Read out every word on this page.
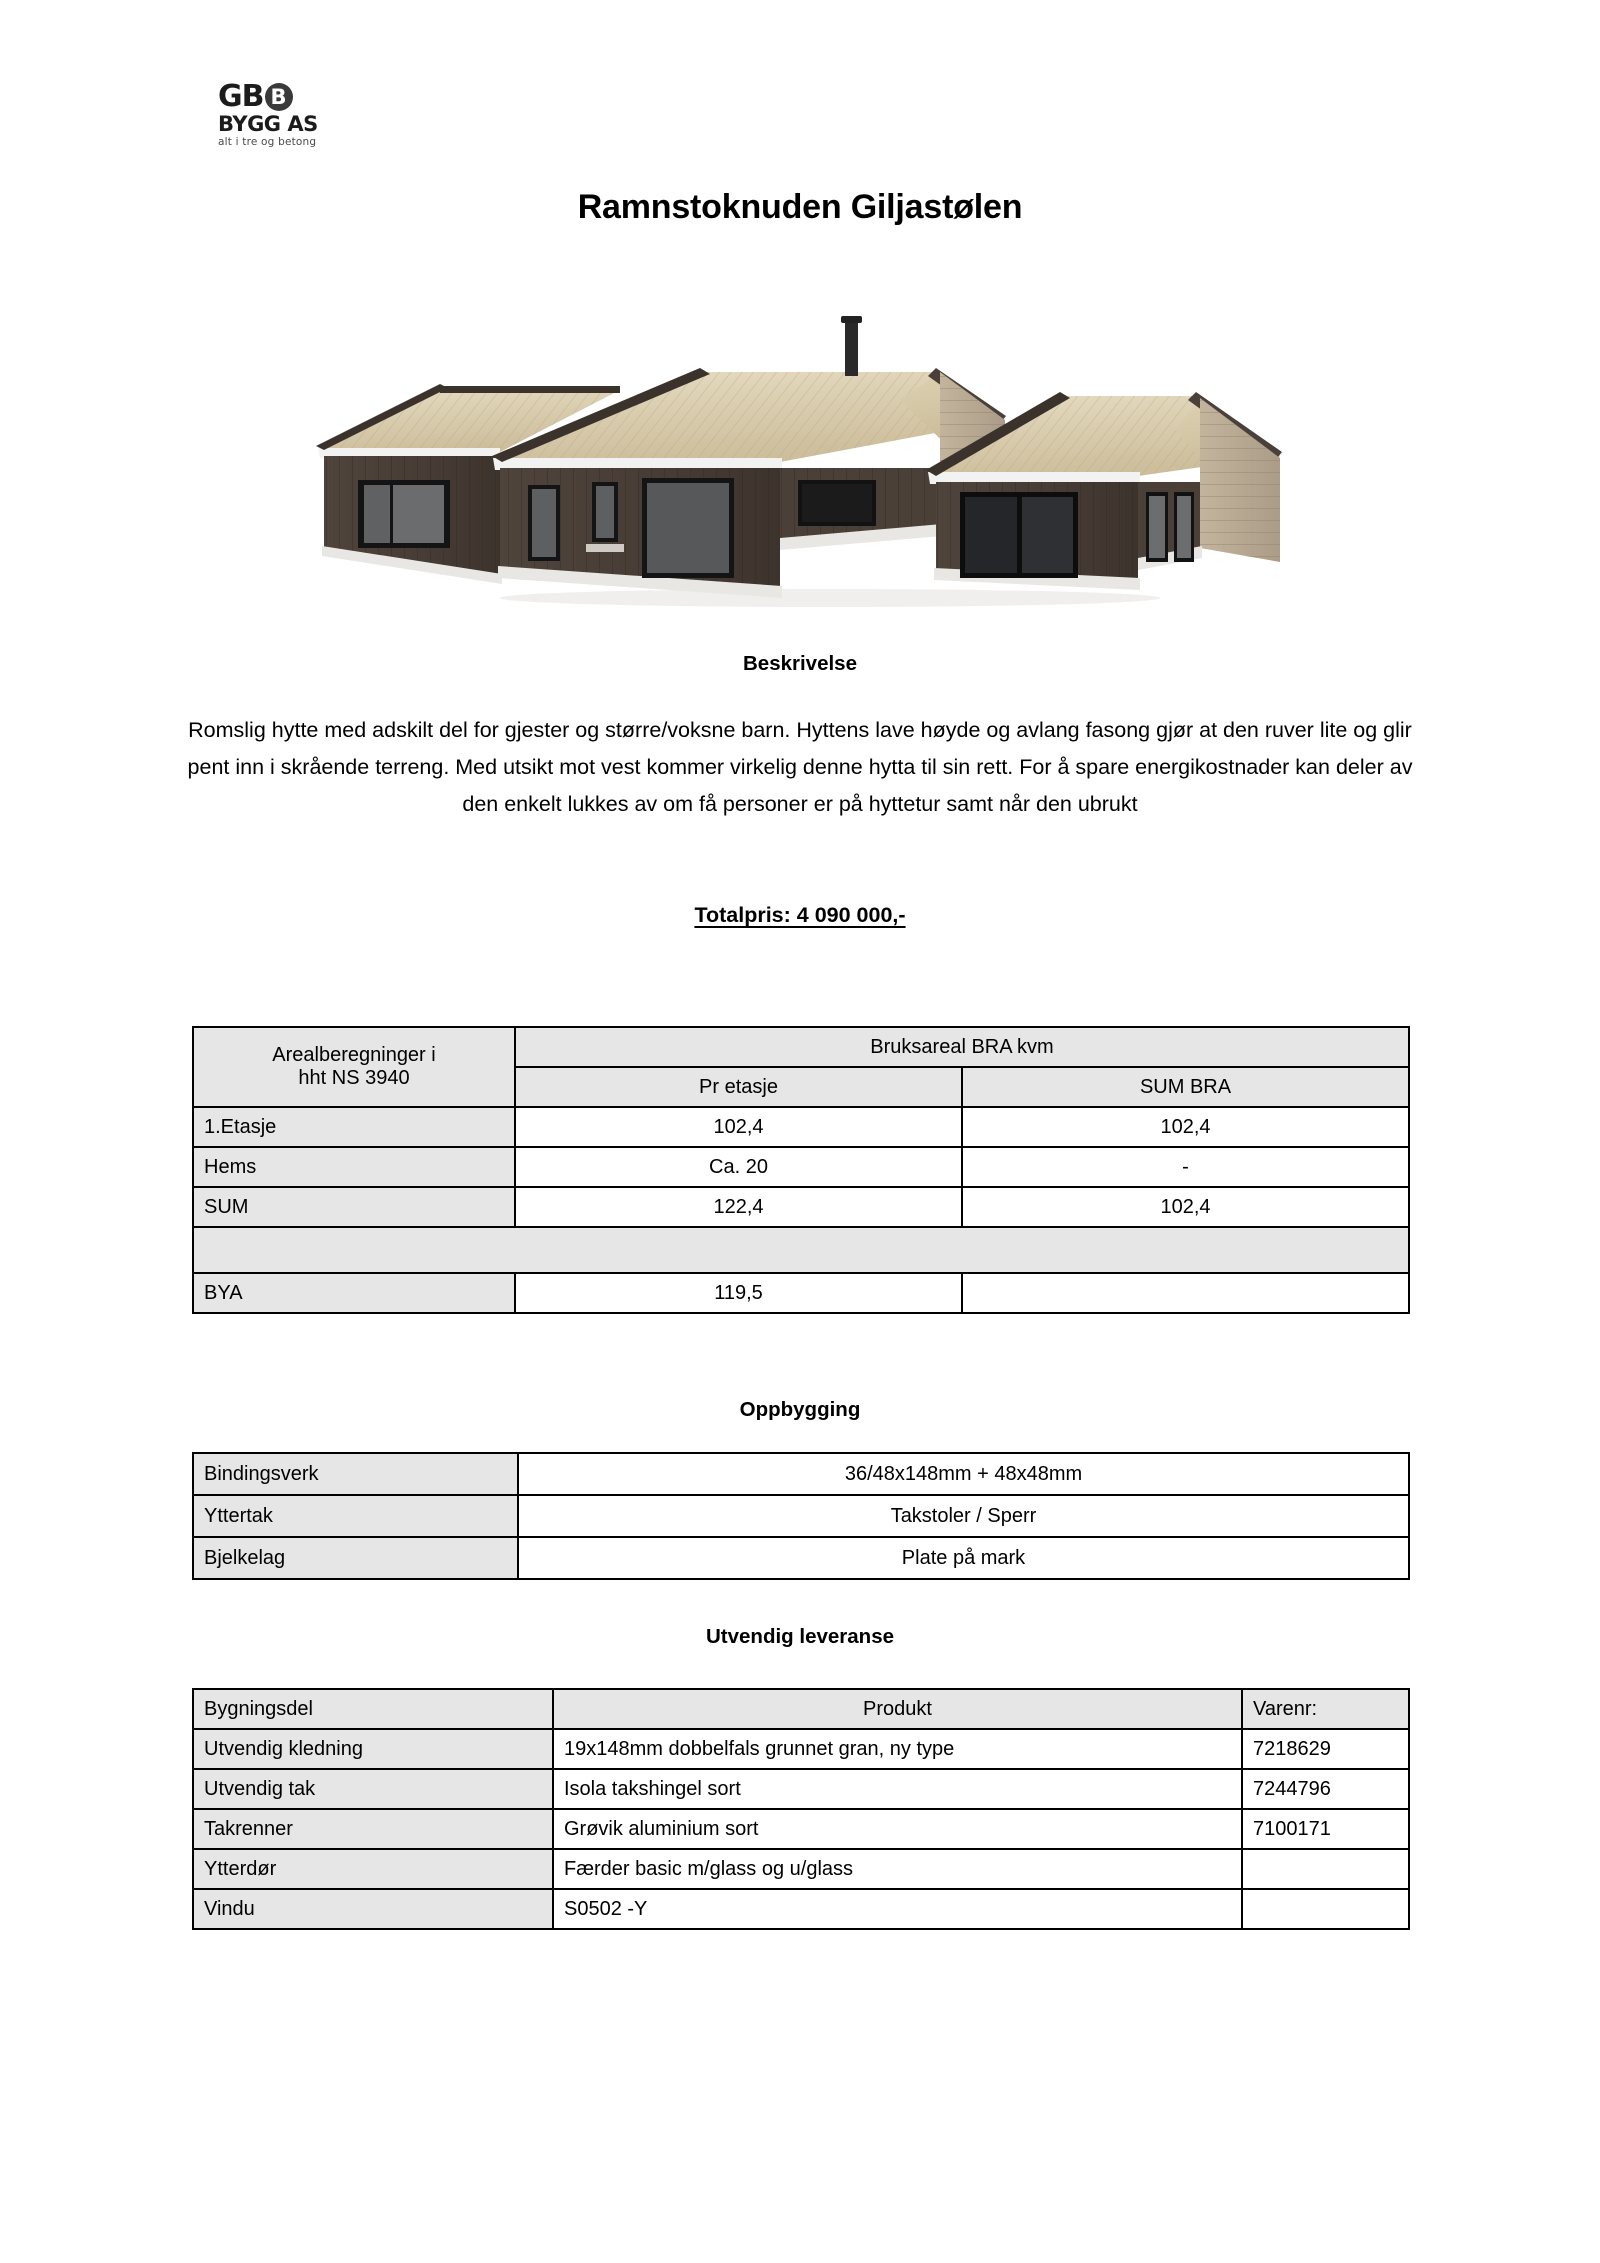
GB B
BYGG AS
alt i tre og betong
Ramnstoknuden Giljastølen
Beskrivelse
Romslig hytte med adskilt del for gjester og større/voksne barn. Hyttens lave høyde og avlang fasong gjør at den ruver lite og glir pent inn i skrående terreng. Med utsikt mot vest kommer virkelig denne hytta til sin rett. For å spare energikostnader kan deler av den enkelt lukkes av om få personer er på hyttetur samt når den ubrukt
Totalpris: 4 090 000,-
Arealberegninger i
hht NS 3940	Bruksareal BRA kvm	
	Pr etasje	SUM BRA
1.Etasje	102,4	102,4
Hems	Ca. 20	-
SUM	122,4	102,4

BYA	119,5	
Oppbygging
Bindingsverk	36/48x148mm + 48x48mm
Yttertak	Takstoler / Sperr
Bjelkelag	Plate på mark
Utvendig leveranse
Bygningsdel	Produkt	Varenr:
Utvendig kledning	19x148mm dobbelfals grunnet gran, ny type	7218629
Utvendig tak	Isola takshingel sort	7244796
Takrenner	Grøvik aluminium sort	7100171
Ytterdør	Færder basic m/glass og u/glass	
Vindu	S0502 -Y	
